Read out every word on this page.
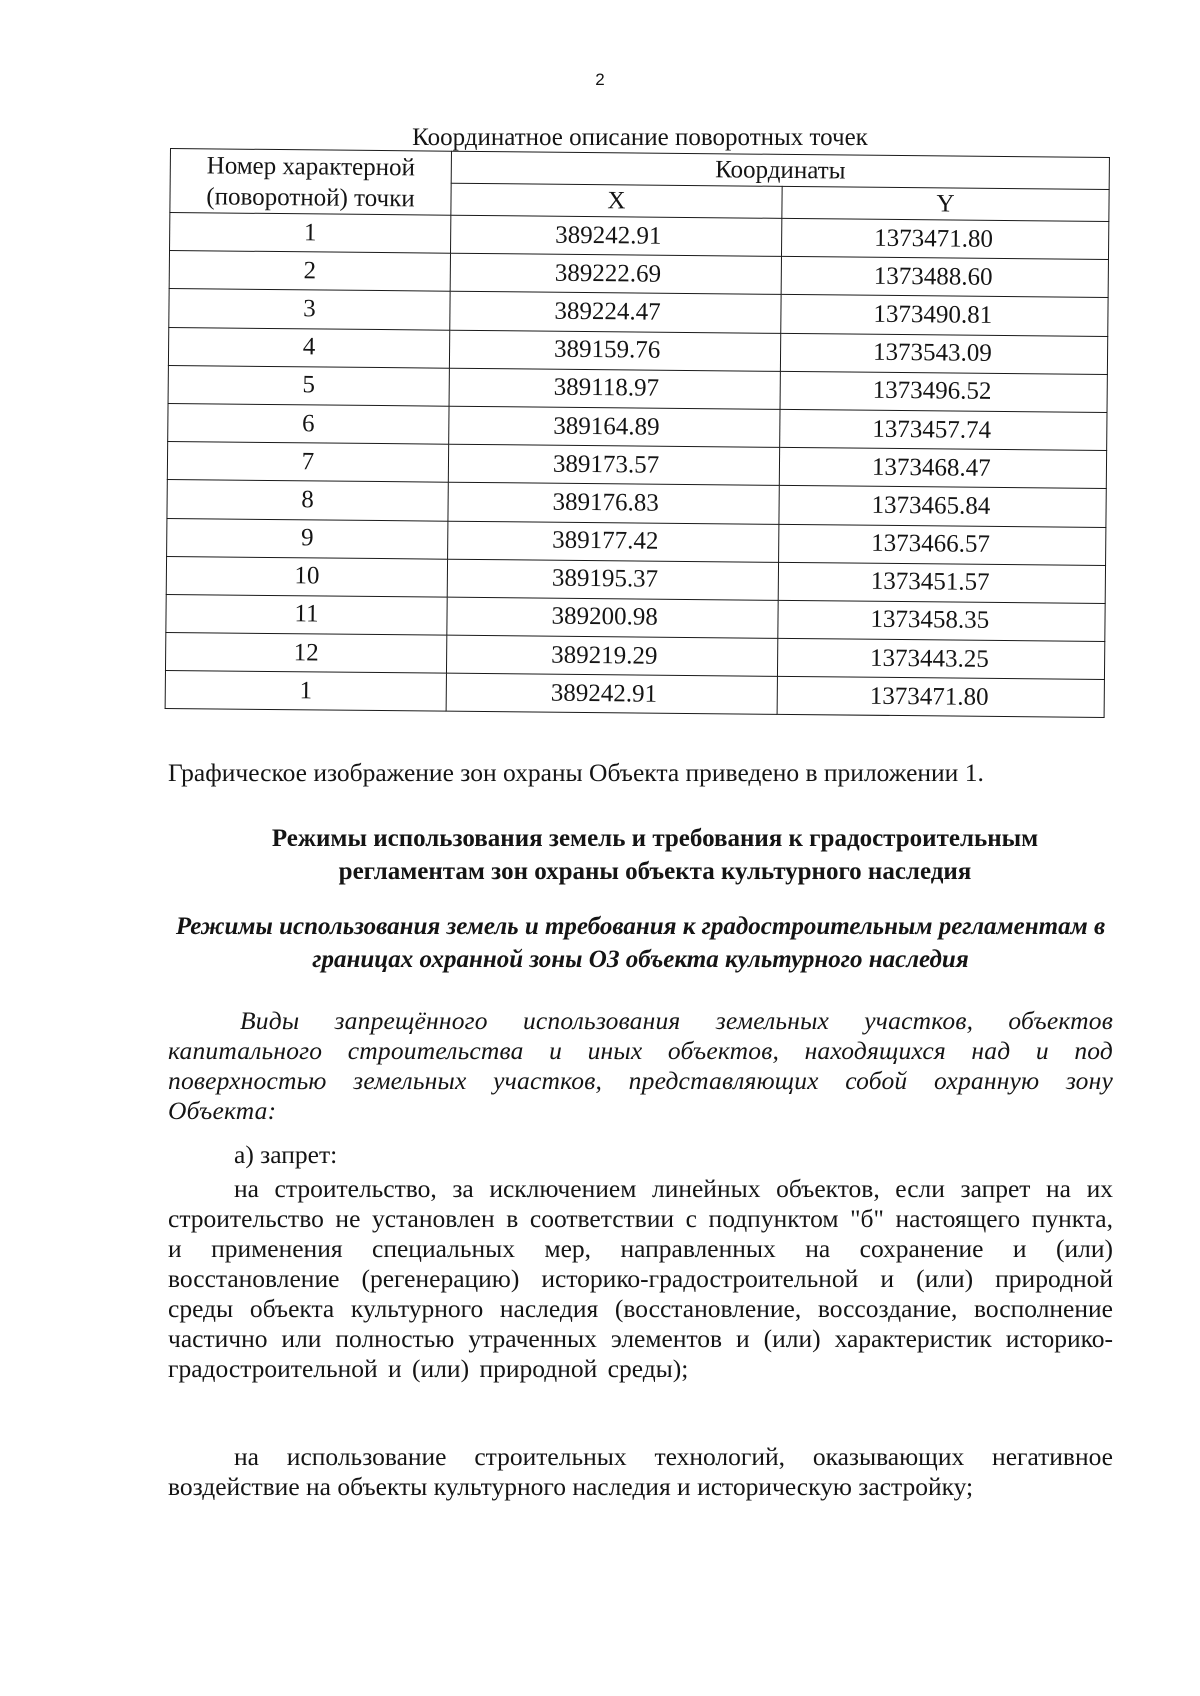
2
Координатное описание поворотных точек
Номер характерной (поворотной) точки	Координаты	
	X	Y
1	389242.91	1373471.80
2	389222.69	1373488.60
3	389224.47	1373490.81
4	389159.76	1373543.09
5	389118.97	1373496.52
6	389164.89	1373457.74
7	389173.57	1373468.47
8	389176.83	1373465.84
9	389177.42	1373466.57
10	389195.37	1373451.57
11	389200.98	1373458.35
12	389219.29	1373443.25
1	389242.91	1373471.80
Графическое изображение зон охраны Объекта приведено в приложении 1.
Режимы использования земель и требования к градостроительным регламентам зон охраны объекта культурного наследия
Режимы использования земель и требования к градостроительным регламентам в границах охранной зоны ОЗ объекта культурного наследия
Виды запрещённого использования земельных участков, объектов капитального строительства и иных объектов, находящихся над и под поверхностью земельных участков, представляющих собой охранную зону Объекта:
а) запрет:
на строительство, за исключением линейных объектов, если запрет на их строительство не установлен в соответствии с подпунктом "б" настоящего пункта, и применения специальных мер, направленных на сохранение и (или) восстановление (регенерацию) историко-градостроительной и (или) природной среды объекта культурного наследия (восстановление, воссоздание, восполнение частично или полностью утраченных элементов и (или) характеристик историко-градостроительной и (или) природной среды);
на использование строительных технологий, оказывающих негативное воздействие на объекты культурного наследия и историческую застройку;
